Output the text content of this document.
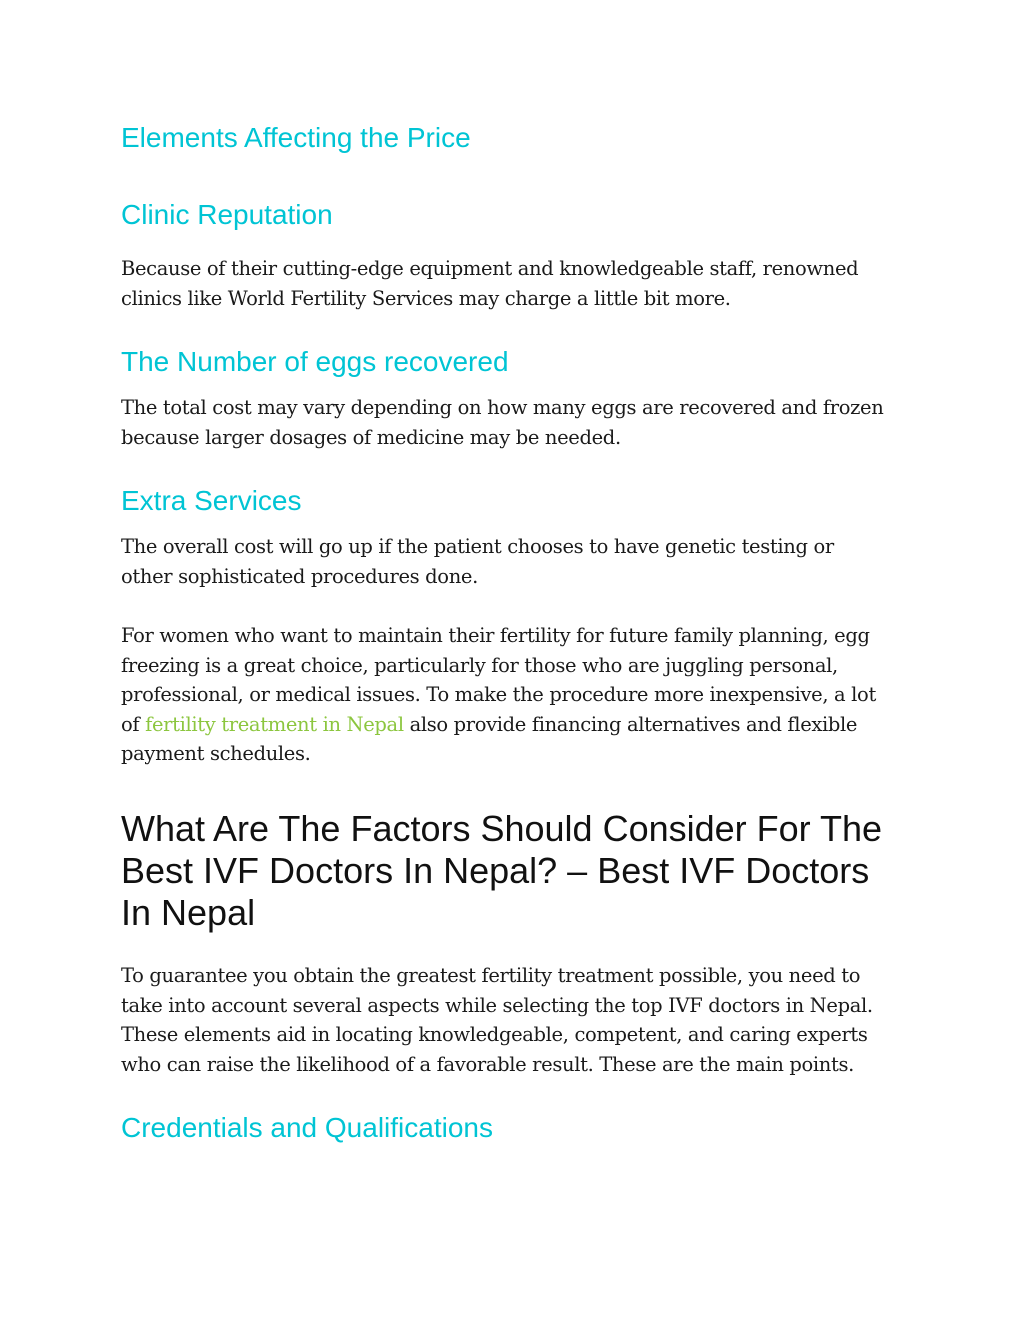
Elements Affecting the Price
Clinic Reputation

Because of their cutting-edge equipment and knowledgeable staff, renowned
clinics like World Fertility Services may charge a little bit more.

The Number of eggs recovered

The total cost may vary depending on how many eggs are recovered and frozen
because larger dosages of medicine may be needed.

Extra Services

The overall cost will go up if the patient chooses to have genetic testing or
other sophisticated procedures done.

For women who want to maintain their fertility for future family planning, egg
freezing is a great choice, particularly for those who are juggling personal,
professional, or medical issues. To make the procedure more inexpensive, a lot
of fertility treatment in Nepal also provide financing alternatives and flexible
payment schedules.

What Are The Factors Should Consider For The
Best IVF Doctors In Nepal? – Best IVF Doctors
In Nepal

To guarantee you obtain the greatest fertility treatment possible, you need to
take into account several aspects while selecting the top IVF doctors in Nepal.
These elements aid in locating knowledgeable, competent, and caring experts
who can raise the likelihood of a favorable result. These are the main points.

Credentials and Qualifications
